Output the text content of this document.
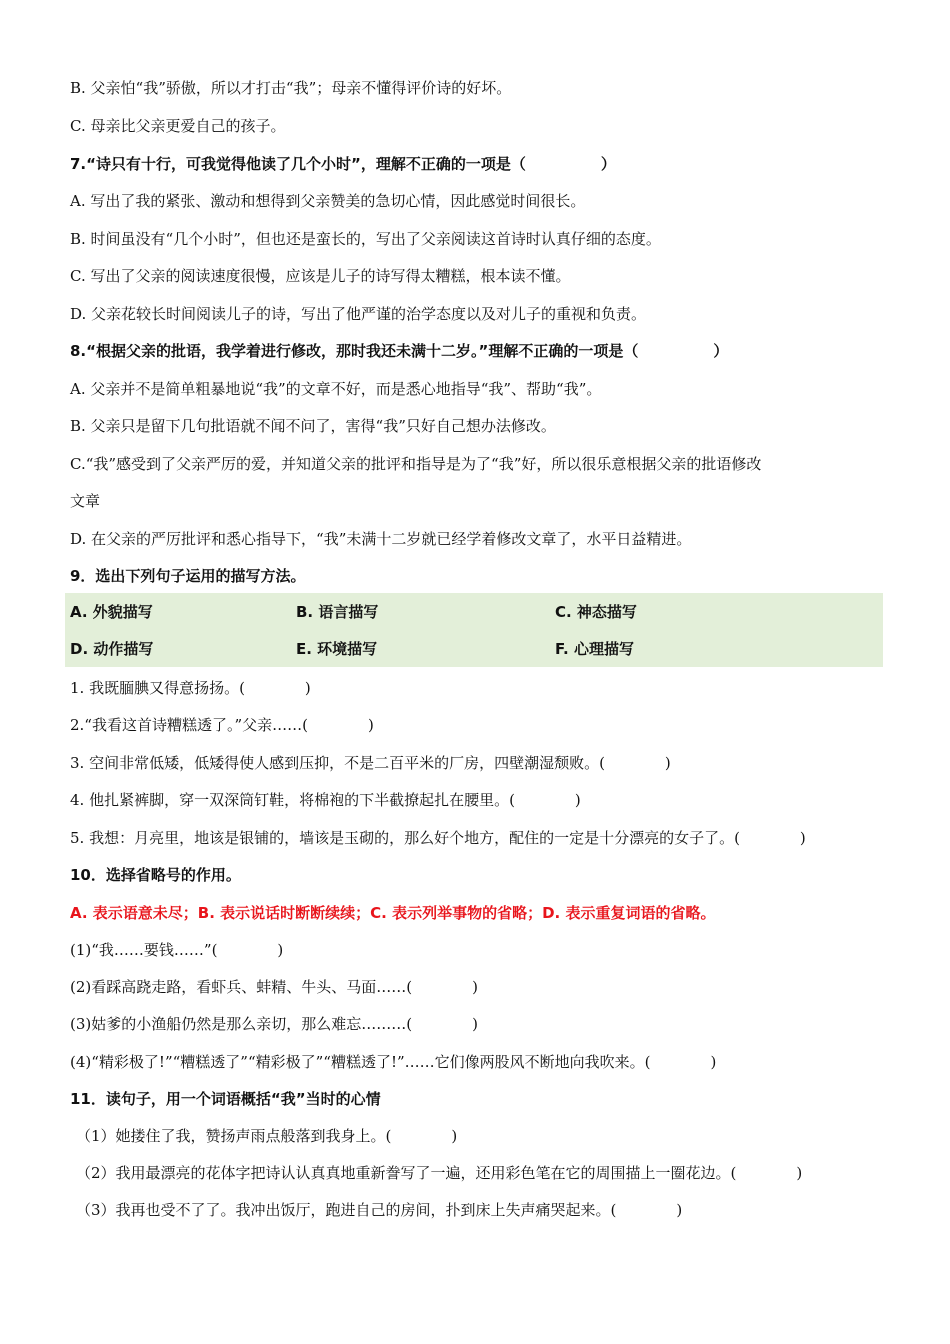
B. 父亲怕“我”骄傲，所以才打击“我”；母亲不懂得评价诗的好坏。
C. 母亲比父亲更爱自己的孩子。
7.“诗只有十行，可我觉得他读了几个小时”，理解不正确的一项是（　　　　　）
A. 写出了我的紧张、激动和想得到父亲赞美的急切心情，因此感觉时间很长。
B. 时间虽没有“几个小时”，但也还是蛮长的，写出了父亲阅读这首诗时认真仔细的态度。
C. 写出了父亲的阅读速度很慢，应该是儿子的诗写得太糟糕，根本读不懂。
D. 父亲花较长时间阅读儿子的诗，写出了他严谨的治学态度以及对儿子的重视和负责。
8.“根据父亲的批语，我学着进行修改，那时我还未满十二岁。”理解不正确的一项是（　　　　　）
A. 父亲并不是简单粗暴地说“我”的文章不好，而是悉心地指导“我”、帮助“我”。
B. 父亲只是留下几句批语就不闻不问了，害得“我”只好自己想办法修改。
C.“我”感受到了父亲严厉的爱，并知道父亲的批评和指导是为了“我”好，所以很乐意根据父亲的批语修改
文章
D. 在父亲的严厉批评和悉心指导下，“我”未满十二岁就已经学着修改文章了，水平日益精进。
9．选出下列句子运用的描写方法。
A. 外貌描写	B. 语言描写	C. 神态描写
D. 动作描写	E. 环境描写	F. 心理描写
1. 我既腼腆又得意扬扬。(　　　　)
2.“我看这首诗糟糕透了。”父亲……(　　　　)
3. 空间非常低矮，低矮得使人感到压抑，不是二百平米的厂房，四壁潮湿颓败。(　　　　)
4. 他扎紧裤脚，穿一双深筒钉鞋，将棉袍的下半截撩起扎在腰里。(　　　　)
5. 我想：月亮里，地该是银铺的，墙该是玉砌的，那么好个地方，配住的一定是十分漂亮的女子了。(　　　　)
10．选择省略号的作用。
A. 表示语意未尽；B. 表示说话时断断续续；C. 表示列举事物的省略；D. 表示重复词语的省略。
(1)“我……要钱……”(　　　　)
(2)看踩高跷走路，看虾兵、蚌精、牛头、马面……(　　　　)
(3)姑爹的小渔船仍然是那么亲切，那么难忘………(　　　　)
(4)“精彩极了!”“糟糕透了”“精彩极了”“糟糕透了!”……它们像两股风不断地向我吹来。(　　　　)
11．读句子，用一个词语概括“我”当时的心情
（1）她搂住了我，赞扬声雨点般落到我身上。(　　　　)
（2）我用最漂亮的花体字把诗认认真真地重新誊写了一遍，还用彩色笔在它的周围描上一圈花边。(　　　　)
（3）我再也受不了了。我冲出饭厅，跑进自己的房间，扑到床上失声痛哭起来。(　　　　)
